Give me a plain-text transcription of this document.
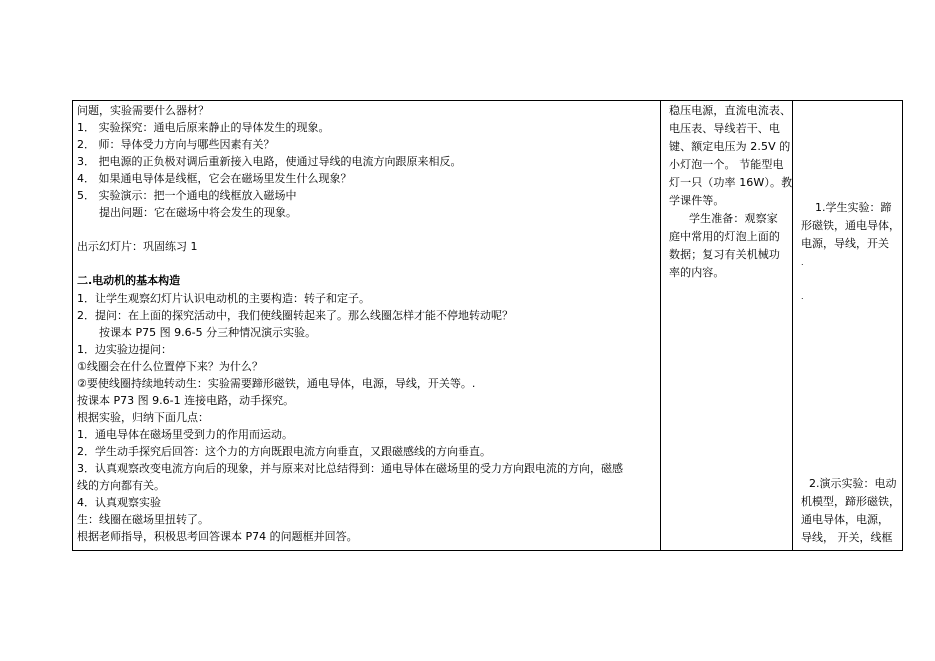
问题，实验需要什么器材？
1． 实验探究：通电后原来静止的导体发生的现象。
2． 师：导体受力方向与哪些因素有关？
3． 把电源的正负极对调后重新接入电路，使通过导线的电流方向跟原来相反。
4． 如果通电导体是线框，它会在磁场里发生什么现象？
5． 实验演示：把一个通电的线框放入磁场中
提出问题：它在磁场中将会发生的现象。
出示幻灯片：巩固练习 1
二.电动机的基本构造
1．让学生观察幻灯片认识电动机的主要构造：转子和定子。
2．提问：在上面的探究活动中，我们使线圈转起来了。那么线圈怎样才能不停地转动呢？
按课本 P75 图 9.6-5 分三种情况演示实验。
1．边实验边提问：
①线圈会在什么位置停下来？为什么？
②要使线圈持续地转动生：实验需要蹄形磁铁，通电导体，电源，导线，开关等。.
按课本 P73 图 9.6-1 连接电路，动手探究。
根据实验，归纳下面几点：
1．通电导体在磁场里受到力的作用而运动。
2．学生动手探究后回答：这个力的方向既跟电流方向垂直，又跟磁感线的方向垂直。
3．认真观察改变电流方向后的现象，并与原来对比总结得到：通电导体在磁场里的受力方向跟电流的方向，磁感
线的方向都有关。
4．认真观察实验
生：线圈在磁场里扭转了。
根据老师指导，积极思考回答课本 P74 的问题框并回答。
稳压电源，直流电流表、
电压表、导线若干、电
键、额定电压为 2.5V 的
小灯泡一个。 节能型电
灯一只（功率 16W）。教
学课件等。
学生准备：观察家
庭中常用的灯泡上面的
数据；复习有关机械功
率的内容。
1.学生实验：蹄
形磁铁，通电导体，
电源，导线，开关
.
.
2.演示实验：电动
机模型，蹄形磁铁，
通电导体，电源，
导线， 开关，线框
